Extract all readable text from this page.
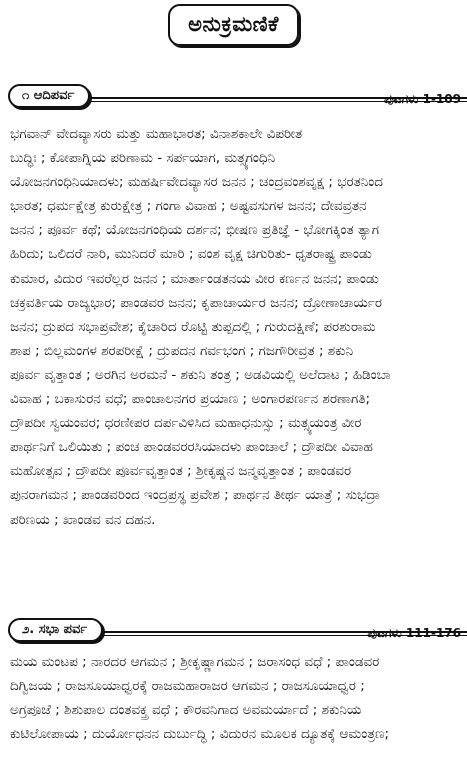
ಅನುಕ್ರಮಣಿಕೆ
೧ ಆದಿಪರ್ವ	ಪುಟಗಳು 1-109
ಭಗವಾನ್ ವೇದವ್ಯಾಸರು ಮತ್ತು ಮಹಾಭಾರತ; ವಿನಾಶಕಾಲೇ ವಿಪರೀತ
ಬುದ್ಧಿಃ ; ಕೋಪಾಗ್ನಿಯ ಪರಿಣಾಮ - ಸರ್ಪಯಾಗ, ಮತ್ಸ್ಯಗಂಧಿನಿ
ಯೋಜನಗಂಧಿನಿಯಾದಳು; ಮಹರ್ಷಿವೇದವ್ಯಾಸರ ಜನನ ; ಚಂದ್ರವಂಶವೃಕ್ಷ ; ಭರತನಿಂದ
ಭಾರತ; ಧರ್ಮಕ್ಷೇತ್ರ ಕುರುಕ್ಷೇತ್ರ ; ಗಂಗಾ ವಿವಾಹ ; ಅಷ್ಟವಸುಗಳ ಜನನ; ದೇವವ್ರತನ
ಜನನ ; ಪೂರ್ವ ಕಥೆ; ಯೋಜನಗಂಧಿಯ ದರ್ಶನ; ಭೀಷಣ ಪ್ರತಿಜ್ಞೆ - ಭೋಗಕ್ಕಿಂತ ತ್ಯಾಗ
ಹಿರಿದು; ಒಲಿದರೆ ನಾರಿ, ಮುನಿದರೆ ಮಾರಿ ; ವಂಶ ವೃಕ್ಷ ಚಿಗುರಿತು- ಧೃತರಾಷ್ಟ್ರ ಪಾಂಡು
ಕುಮಾರ, ವಿದುರ ಇವರೆಲ್ಲರ ಜನನ ; ಮಾರ್ತಾಂಡತನಯ ವೀರ ಕರ್ಣನ ಜನನ; ಪಾಂಡು
ಚಕ್ರವರ್ತಿಯ ರಾಜ್ಯಭಾರ; ಪಾಂಡವರ ಜನನ; ಕೃಪಾಚಾರ್ಯರ ಜನನ; ದ್ರೋಣಾಚಾರ್ಯರ
ಜನನ; ದ್ರುಪದ ಸಭಾಪ್ರವೇಶ; ಕೈಚಾರಿದ ರೊಟ್ಟಿ ತುಪ್ಪದಲ್ಲಿ ; ಗುರುದಕ್ಷಿಣೆ; ಪರಶುರಾಮ
ಶಾಪ ; ಬಿಲ್ಲಮಂಗಳ ಶರಪರೀಕ್ಷೆ ; ದ್ರುಪದನ ಗರ್ವಭಂಗ ; ಗಜಗೌರೀವ್ರತ ; ಶಕುನಿ
ಪೂರ್ವ ವೃತ್ತಾಂತ ; ಅರಗಿನ ಅರಮನೆ - ಶಕುನಿ ತಂತ್ರ ; ಅಡವಿಯಲ್ಲಿ ಅಲೆದಾಟ ; ಹಿಡಿಂಬಾ
ವಿವಾಹ ; ಬಕಾಸುರನ ವಧೆ; ಪಾಂಚಾಲನಗರ ಪ್ರಯಾಣ ; ಅಂಗಾರಪರ್ಣನ ಶರಣಾಗತಿ;
ದ್ರೌಪದೀ ಸ್ವಯಂವರ; ಧರಣೀಪರ ದರ್ಪವಿಳಿಸಿದ ಮಹಾಧನುಸ್ಸು ; ಮತ್ಸ್ಯಯಂತ್ರ ವೀರ
ಪಾರ್ಥನಿಗೆ ಒಲಿಯಿತು ; ಪಂಚ ಪಾಂಡವರರಸಿಯಾದಳು ಪಾಂಚಾಲೆ ; ದ್ರೌಪದೀ ವಿವಾಹ
ಮಹೋತ್ಸವ ; ದ್ರೌಪದೀ ಪೂರ್ವವೃತ್ತಾಂತ ; ಶ್ರೀಕೃಷ್ಣನ ಜನ್ಮವೃತ್ತಾಂತ ; ಪಾಂಡವರ
ಪುನರಾಗಮನ ; ಪಾಂಡವರಿಂದ ಇಂದ್ರಪ್ರಸ್ಥ ಪ್ರವೇಶ ; ಪಾರ್ಥನ ತೀರ್ಥ ಯಾತ್ರೆ ; ಸುಭದ್ರಾ
ಪರಿಣಯ ; ಖಾಂಡವ ವನ ದಹನ.
೨. ಸಭಾ ಪರ್ವ	ಪುಟಗಳು 111-176
ಮಯ ಮಂಟಪ ; ನಾರದರ ಆಗಮನ ; ಶ್ರೀಕೃಷ್ಣಾಗಮನ ; ಜರಾಸಂಧ ವಧೆ ; ಪಾಂಡವರ
ದಿಗ್ವಿಜಯ ; ರಾಜಸೂಯಾಧ್ವರಕ್ಕೆ ರಾಜಮಹಾರಾಜರ ಆಗಮನ ; ರಾಜಸೂಯಾಧ್ವರ ;
ಅಗ್ರಪೂಜೆ ; ಶಿಶುಪಾಲ ದಂತವಕ್ತ್ರ ವಧೆ ; ಕೌರವನಿಗಾದ ಅವಮರ್ಯಾದೆ ; ಶಕುನಿಯ
ಕುಟಿಲೋಪಾಯ ; ದುರ್ಯೋಧನನ ದುರ್ಬುದ್ಧಿ ; ವಿದುರನ ಮೂಲಕ ದ್ಯೂತಕ್ಕೆ ಆಮಂತ್ರಣ;
